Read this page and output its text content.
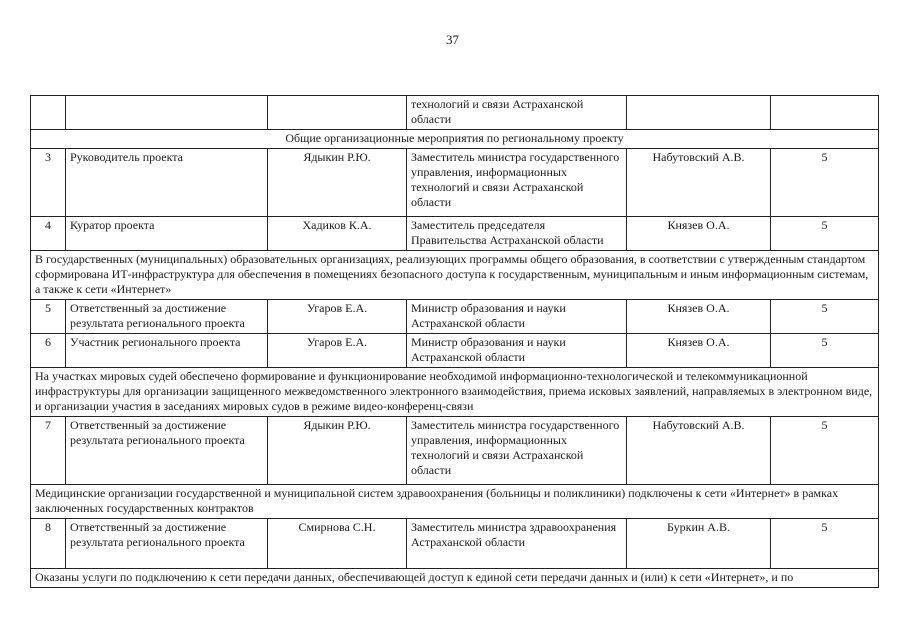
37
			технологий и связи Астраханской области		
Общие организационные мероприятия по региональному проекту					
3	Руководитель проекта	Ядыкин Р.Ю.	Заместитель министра государственного управления, информационных технологий и связи Астраханской области	Набутовский А.В.	5
4	Куратор проекта	Хадиков К.А.	Заместитель председателя Правительства Астраханской области	Князев О.А.	5
В государственных (муниципальных) образовательных организациях, реализующих программы общего образования, в соответствии с утвержденным стандартом сформирована ИТ-инфраструктура для обеспечения в помещениях безопасного доступа к государственным, муниципальным и иным информационным системам, а также к сети «Интернет»					
5	Ответственный за достижение результата регионального проекта	Угаров Е.А.	Министр образования и науки Астраханской области	Князев О.А.	5
6	Участник регионального проекта	Угаров Е.А.	Министр образования и науки Астраханской области	Князев О.А.	5
На участках мировых судей обеспечено формирование и функционирование необходимой информационно-технологической и телекоммуникационной инфраструктуры для организации защищенного межведомственного электронного взаимодействия, приема исковых заявлений, направляемых в электронном виде, и организации участия в заседаниях мировых судов в режиме видео-конференц-связи					
7	Ответственный за достижение результата регионального проекта	Ядыкин Р.Ю.	Заместитель министра государственного управления, информационных технологий и связи Астраханской области	Набутовский А.В.	5
Медицинские организации государственной и муниципальной систем здравоохранения (больницы и поликлиники) подключены к сети «Интернет» в рамках заключенных государственных контрактов					
8	Ответственный за достижение результата регионального проекта	Смирнова С.Н.	Заместитель министра здравоохранения Астраханской области	Буркин А.В.	5
Оказаны услуги по подключению к сети передачи данных, обеспечивающей доступ к единой сети передачи данных и (или) к сети «Интернет», и по					
